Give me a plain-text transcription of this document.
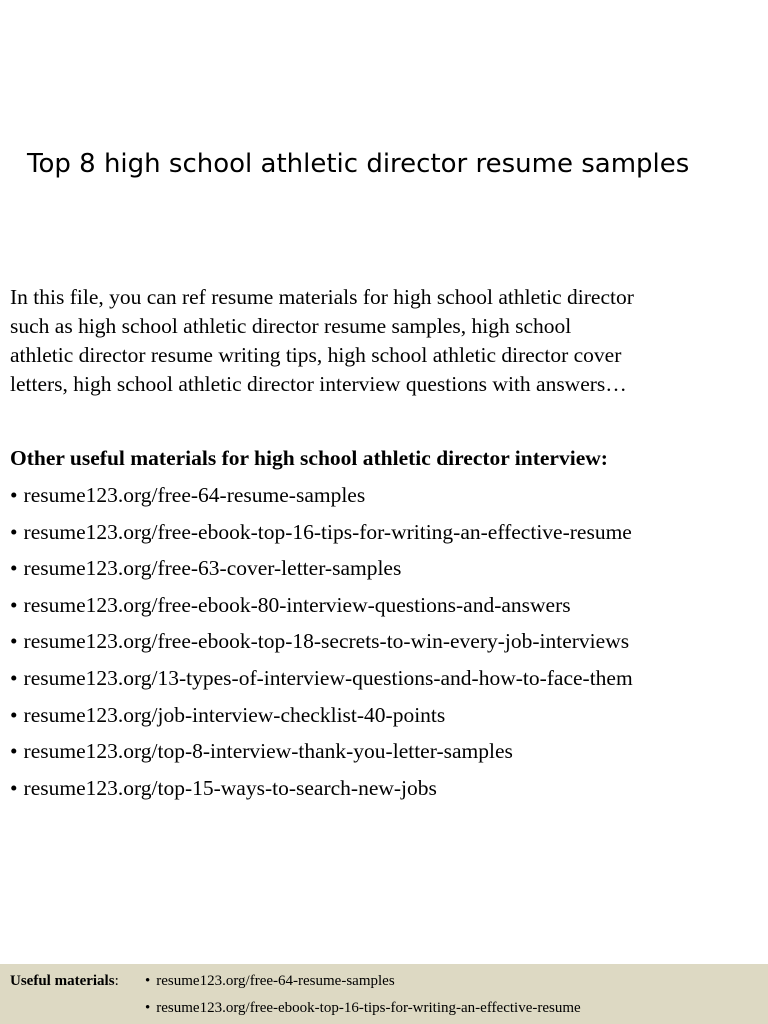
Top 8 high school athletic director resume samples

In this file, you can ref resume materials for high school athletic director
such as high school athletic director resume samples, high school
athletic director resume writing tips, high school athletic director cover
letters, high school athletic director interview questions with answers…

Other useful materials for high school athletic director interview:
• resume123.org/free-64-resume-samples
• resume123.org/free-ebook-top-16-tips-for-writing-an-effective-resume
• resume123.org/free-63-cover-letter-samples
• resume123.org/free-ebook-80-interview-questions-and-answers
• resume123.org/free-ebook-top-18-secrets-to-win-every-job-interviews
• resume123.org/13-types-of-interview-questions-and-how-to-face-them
• resume123.org/job-interview-checklist-40-points
• resume123.org/top-8-interview-thank-you-letter-samples
• resume123.org/top-15-ways-to-search-new-jobs
Useful materials: • resume123.org/free-64-resume-samples
• resume123.org/free-ebook-top-16-tips-for-writing-an-effective-resume
